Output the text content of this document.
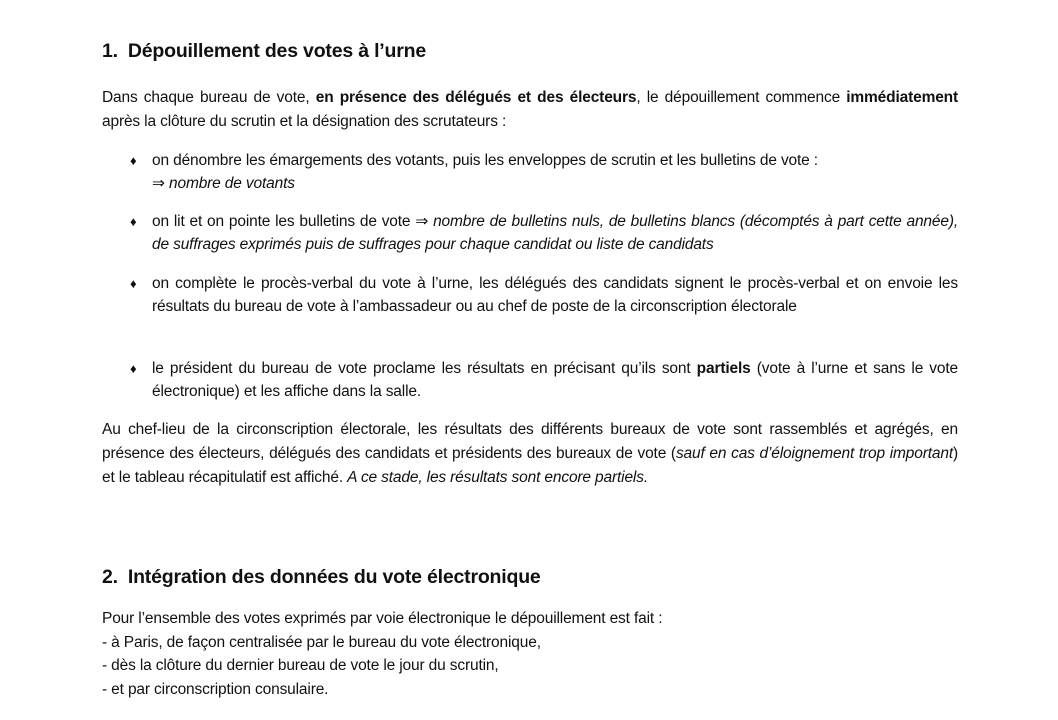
1. Dépouillement des votes à l’urne
Dans chaque bureau de vote, en présence des délégués et des électeurs, le dépouillement commence immédiatement après la clôture du scrutin et la désignation des scrutateurs :
♦	on dénombre les émargements des votants, puis les enveloppes de scrutin et les bulletins de vote :
⇒ nombre de votants
♦	on lit et on pointe les bulletins de vote ⇒ nombre de bulletins nuls, de bulletins blancs (décomptés à part cette année), de suffrages exprimés puis de suffrages pour chaque candidat ou liste de candidats
♦	on complète le procès-verbal du vote à l’urne, les délégués des candidats signent le procès-verbal et on envoie les résultats du bureau de vote à l’ambassadeur ou au chef de poste de la circonscription électorale
♦	le président du bureau de vote proclame les résultats en précisant qu’ils sont partiels (vote à l’urne et sans le vote électronique) et les affiche dans la salle.
Au chef-lieu de la circonscription électorale, les résultats des différents bureaux de vote sont rassemblés et agrégés, en présence des électeurs, délégués des candidats et présidents des bureaux de vote (sauf en cas d’éloignement trop important) et le tableau récapitulatif est affiché. A ce stade, les résultats sont encore partiels.
2. Intégration des données du vote électronique
Pour l’ensemble des votes exprimés par voie électronique le dépouillement est fait :
- à Paris, de façon centralisée par le bureau du vote électronique,
- dès la clôture du dernier bureau de vote le jour du scrutin,
- et par circonscription consulaire.
